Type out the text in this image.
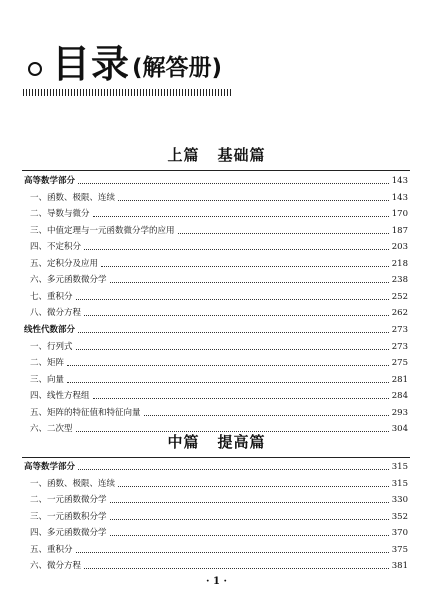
目录 (解答册)
上篇 基础篇
高等数学部分	143
一、函数、极限、连续	143
二、导数与微分	170
三、中值定理与一元函数微分学的应用	187
四、不定积分	203
五、定积分及应用	218
六、多元函数微分学	238
七、重积分	252
八、微分方程	262
线性代数部分	273
一、行列式	273
二、矩阵	275
三、向量	281
四、线性方程组	284
五、矩阵的特征值和特征向量	293
六、二次型	304
中篇 提高篇
高等数学部分	315
一、函数、极限、连续	315
二、一元函数微分学	330
三、一元函数积分学	352
四、多元函数微分学	370
五、重积分	375
六、微分方程	381
· 1 ·
